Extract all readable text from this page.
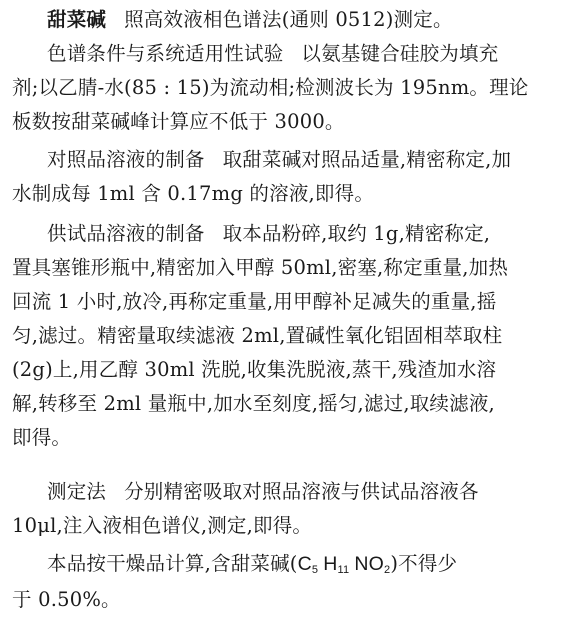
甜菜碱 照高效液相色谱法(通则 0512)测定。
色谱条件与系统适用性试验 以氨基键合硅胶为填充
剂;以乙腈-水(85 : 15)为流动相;检测波长为 195nm。理论
板数按甜菜碱峰计算应不低于 3000。
对照品溶液的制备 取甜菜碱对照品适量,精密称定,加
水制成每 1ml 含 0.17mg 的溶液,即得。
供试品溶液的制备 取本品粉碎,取约 1g,精密称定,
置具塞锥形瓶中,精密加入甲醇 50ml,密塞,称定重量,加热
回流 1 小时,放冷,再称定重量,用甲醇补足减失的重量,摇
匀,滤过。精密量取续滤液 2ml,置碱性氧化铝固相萃取柱
(2g)上,用乙醇 30ml 洗脱,收集洗脱液,蒸干,残渣加水溶
解,转移至 2ml 量瓶中,加水至刻度,摇匀,滤过,取续滤液,
即得。
测定法 分别精密吸取对照品溶液与供试品溶液各
10μl,注入液相色谱仪,测定,即得。
本品按干燥品计算,含甜菜碱($C_5$ $H_{11}$ $NO_2$)不得少
于 0.50%。
